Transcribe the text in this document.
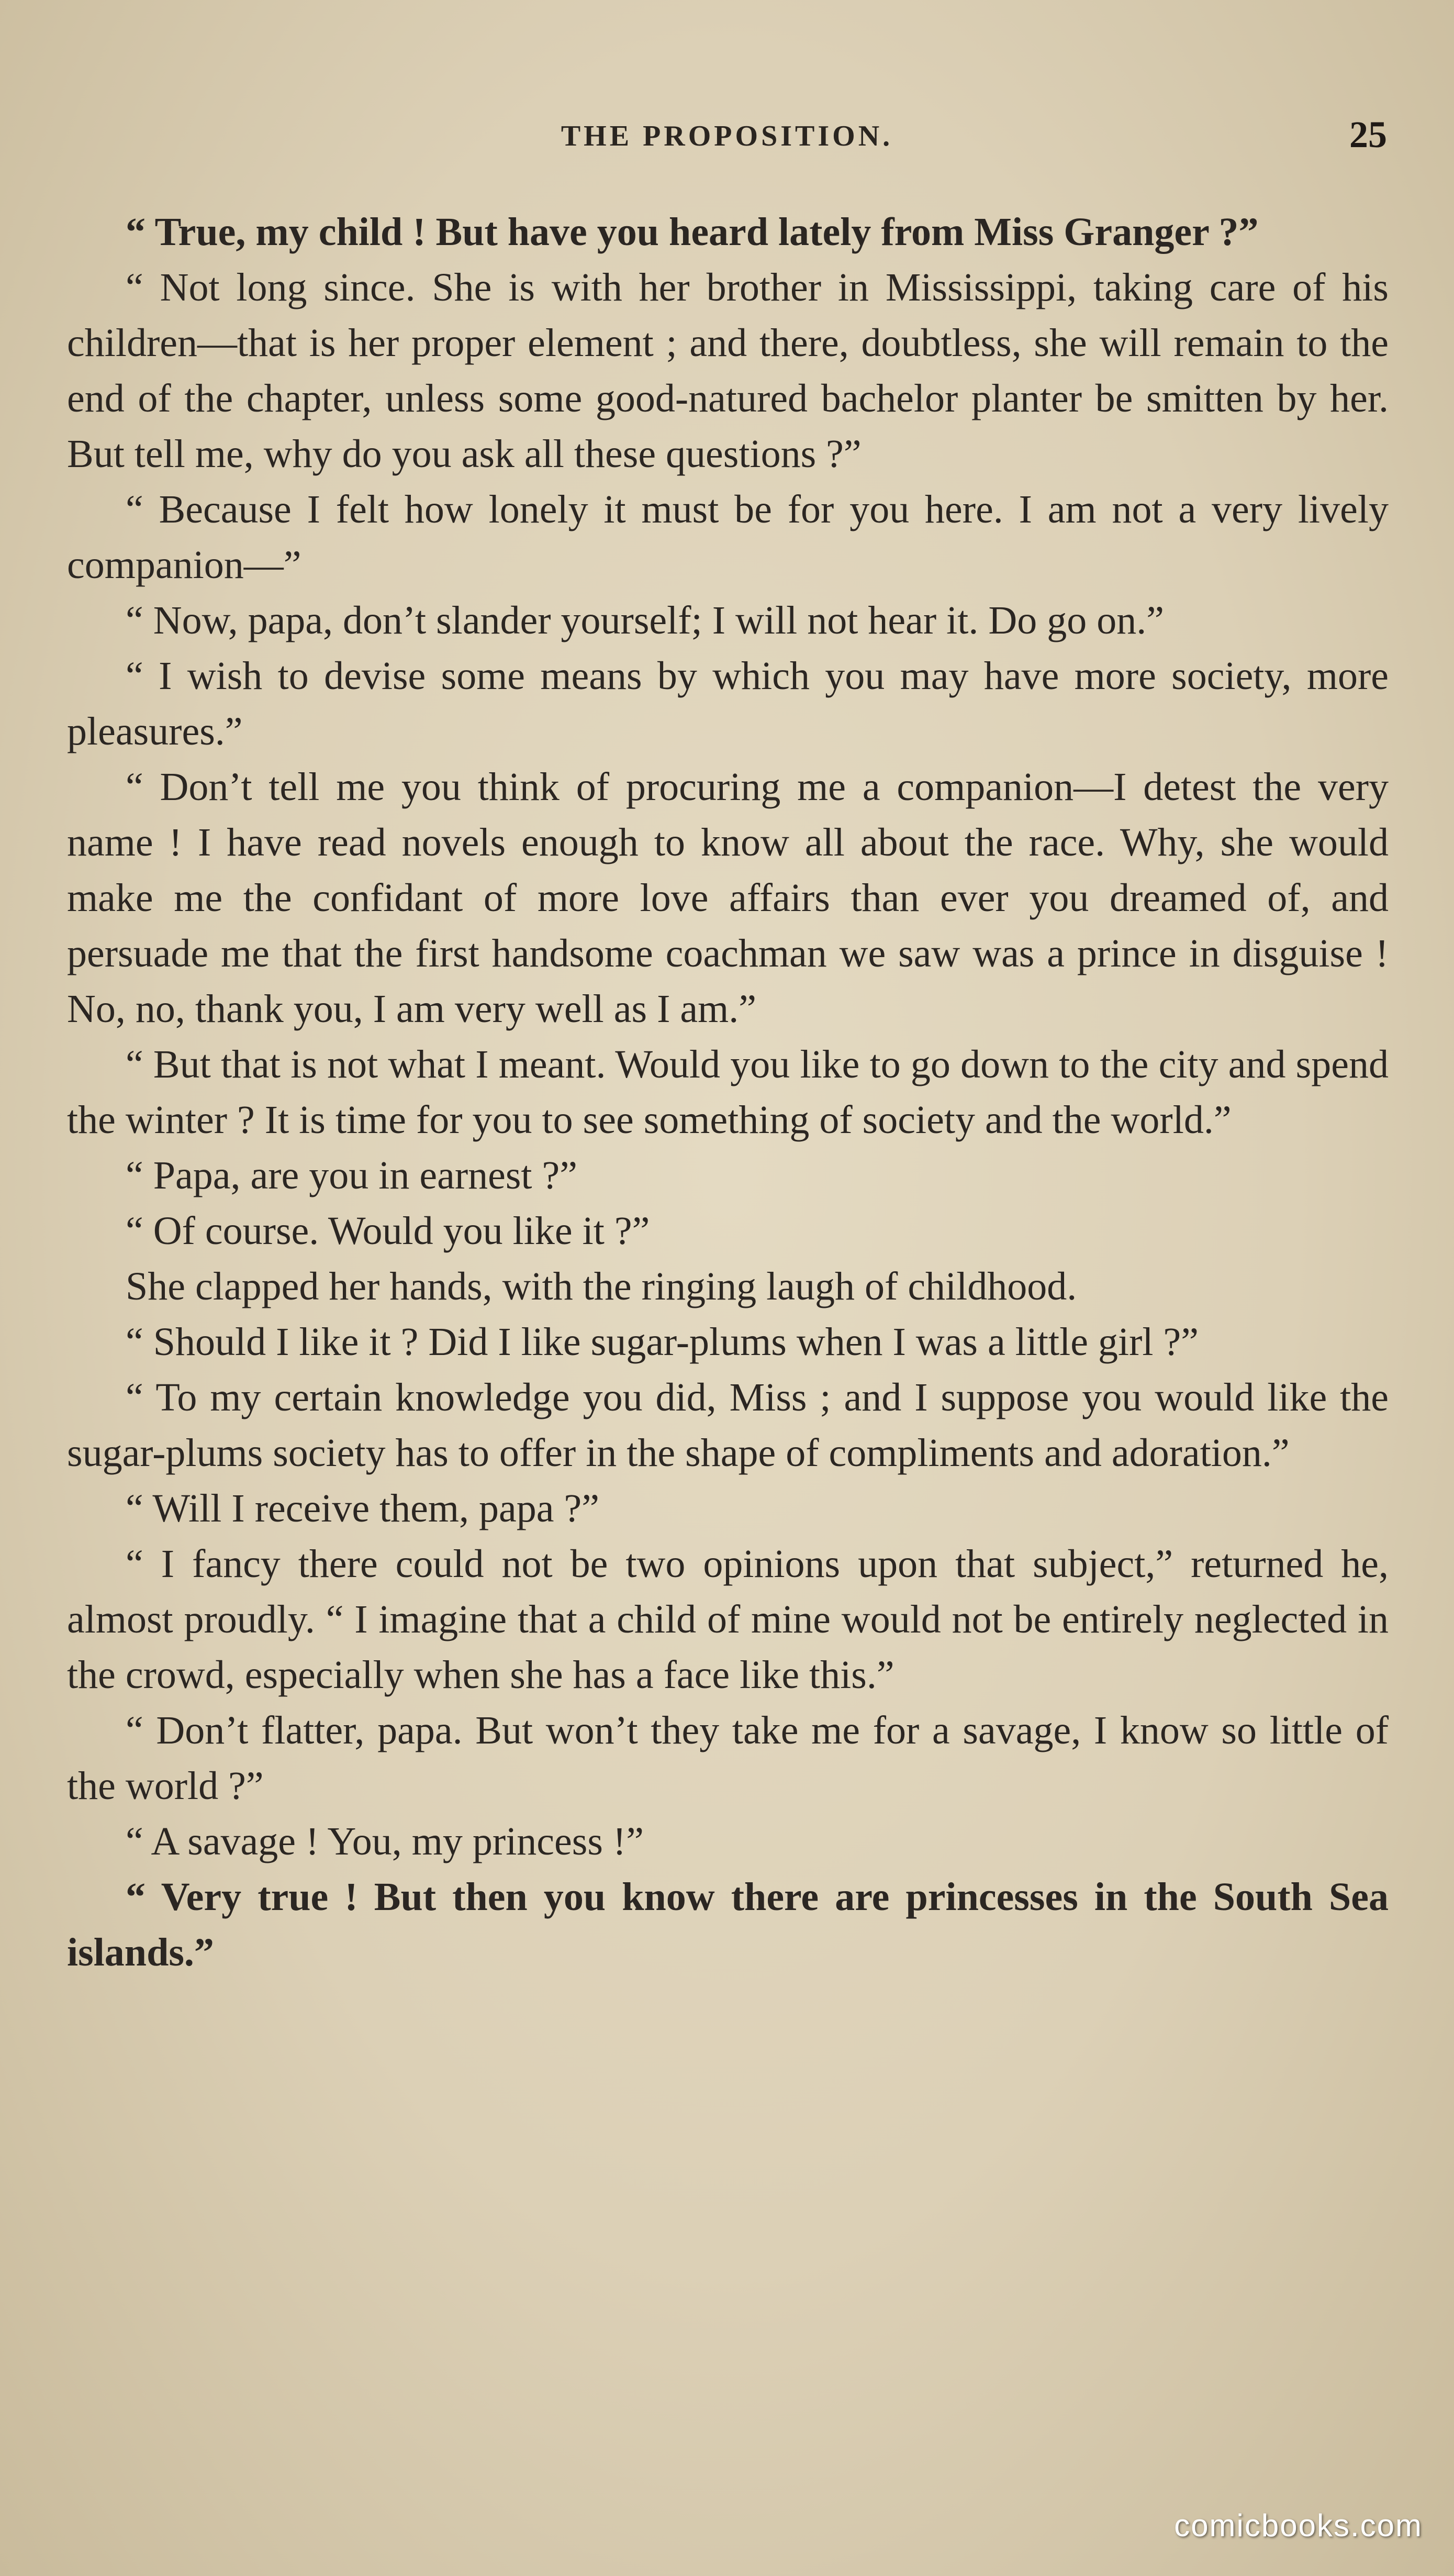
THE PROPOSITION.	25

“ True, my child ! But have you heard lately from Miss Granger ?”

“ Not long since. She is with her brother in Mississippi, taking care of his children—that is her proper element ; and there, doubtless, she will remain to the end of the chapter, unless some good-natured bachelor planter be smitten by her. But tell me, why do you ask all these questions ?”

“ Because I felt how lonely it must be for you here. I am not a very lively companion—”

“ Now, papa, don’t slander yourself; I will not hear it. Do go on.”

“ I wish to devise some means by which you may have more society, more pleasures.”

“ Don’t tell me you think of procuring me a companion—I detest the very name ! I have read novels enough to know all about the race. Why, she would make me the confidant of more love affairs than ever you dreamed of, and persuade me that the first handsome coachman we saw was a prince in disguise ! No, no, thank you, I am very well as I am.”

“ But that is not what I meant. Would you like to go down to the city and spend the winter ? It is time for you to see something of society and the world.”

“ Papa, are you in earnest ?”

“ Of course. Would you like it ?”

She clapped her hands, with the ringing laugh of childhood.

“ Should I like it ? Did I like sugar-plums when I was a little girl ?”

“ To my certain knowledge you did, Miss ; and I suppose you would like the sugar-plums society has to offer in the shape of compliments and adoration.”

“ Will I receive them, papa ?”

“ I fancy there could not be two opinions upon that subject,” returned he, almost proudly. “ I imagine that a child of mine would not be entirely neglected in the crowd, especially when she has a face like this.”

“ Don’t flatter, papa. But won’t they take me for a savage, I know so little of the world ?”

“ A savage ! You, my princess !”

“ Very true ! But then you know there are princesses in the South Sea islands.”

comicbooks.com
